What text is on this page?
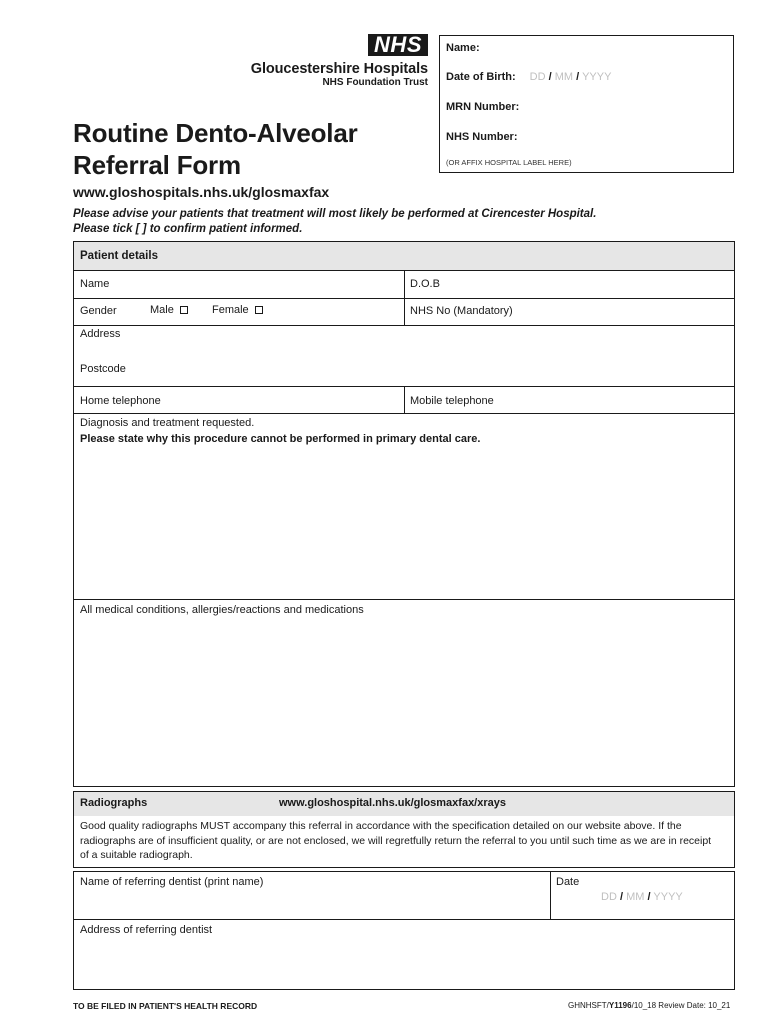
NHS
Gloucestershire Hospitals
NHS Foundation Trust
Name:
Date of Birth: DD / MM / YYYY
MRN Number:
NHS Number:
(OR AFFIX HOSPITAL LABEL HERE)
Routine Dento-Alveolar
Referral Form
www.gloshospitals.nhs.uk/glosmaxfax
Please advise your patients that treatment will most likely be performed at Cirencester Hospital.
Please tick [ ] to confirm patient informed.
Patient details
Name	D.O.B
Gender	Male	Female	NHS No (Mandatory)
Address
Postcode
Home telephone	Mobile telephone
Diagnosis and treatment requested.
Please state why this procedure cannot be performed in primary dental care.
All medical conditions, allergies/reactions and medications
Radiographs	www.gloshospital.nhs.uk/glosmaxfax/xrays
Good quality radiographs MUST accompany this referral in accordance with the specification detailed on our website above. If the radiographs are of insufficient quality, or are not enclosed, we will regretfully return the referral to you until such time as we are in receipt of a suitable radiograph.
Name of referring dentist (print name)	Date
DD / MM / YYYY
Address of referring dentist
TO BE FILED IN PATIENT'S HEALTH RECORD	GHNHSFT/Y1196/10_18 Review Date: 10_21
